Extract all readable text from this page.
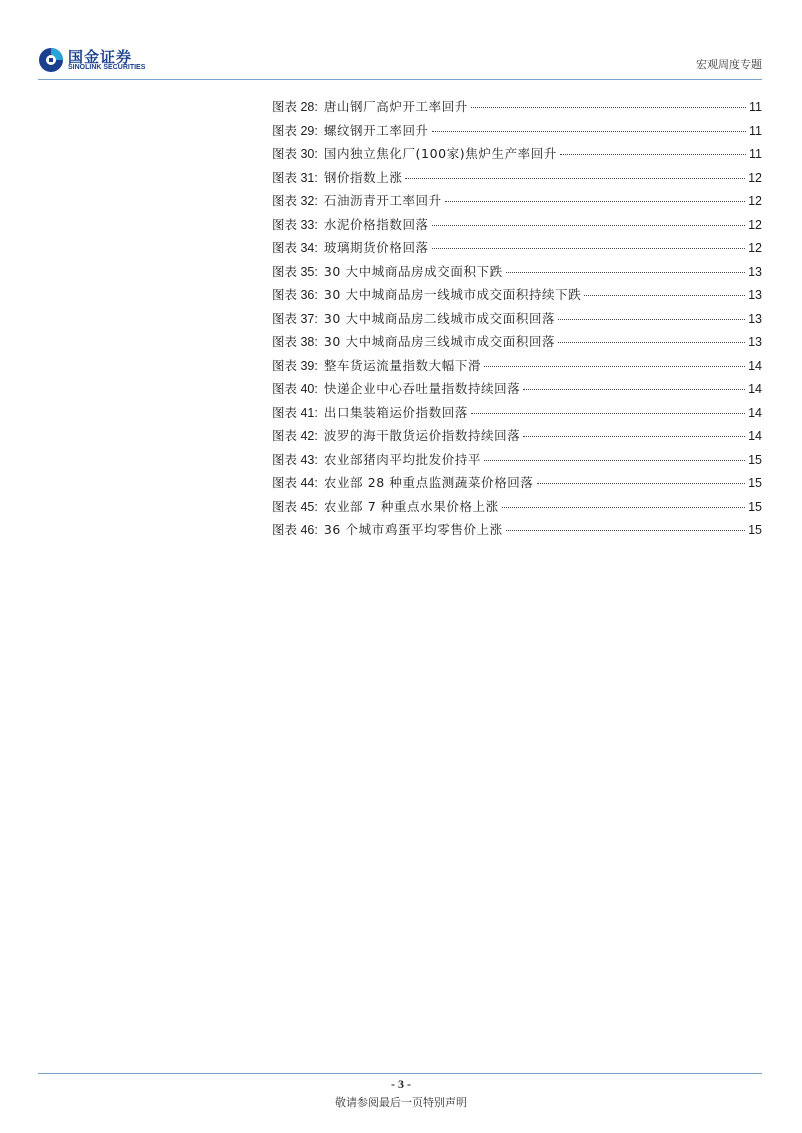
国金证券
SINOLINK SECURITIES	宏观周度专题
图表 28: 唐山钢厂高炉开工率回升	11
图表 29: 螺纹钢开工率回升	11
图表 30: 国内独立焦化厂(100家)焦炉生产率回升	11
图表 31: 钢价指数上涨	12
图表 32: 石油沥青开工率回升	12
图表 33: 水泥价格指数回落	12
图表 34: 玻璃期货价格回落	12
图表 35: 30 大中城商品房成交面积下跌	13
图表 36: 30 大中城商品房一线城市成交面积持续下跌	13
图表 37: 30 大中城商品房二线城市成交面积回落	13
图表 38: 30 大中城商品房三线城市成交面积回落	13
图表 39: 整车货运流量指数大幅下滑	14
图表 40: 快递企业中心吞吐量指数持续回落	14
图表 41: 出口集装箱运价指数回落	14
图表 42: 波罗的海干散货运价指数持续回落	14
图表 43: 农业部猪肉平均批发价持平	15
图表 44: 农业部 28 种重点监测蔬菜价格回落	15
图表 45: 农业部 7 种重点水果价格上涨	15
图表 46: 36 个城市鸡蛋平均零售价上涨	15
- 3 -
敬请参阅最后一页特别声明
